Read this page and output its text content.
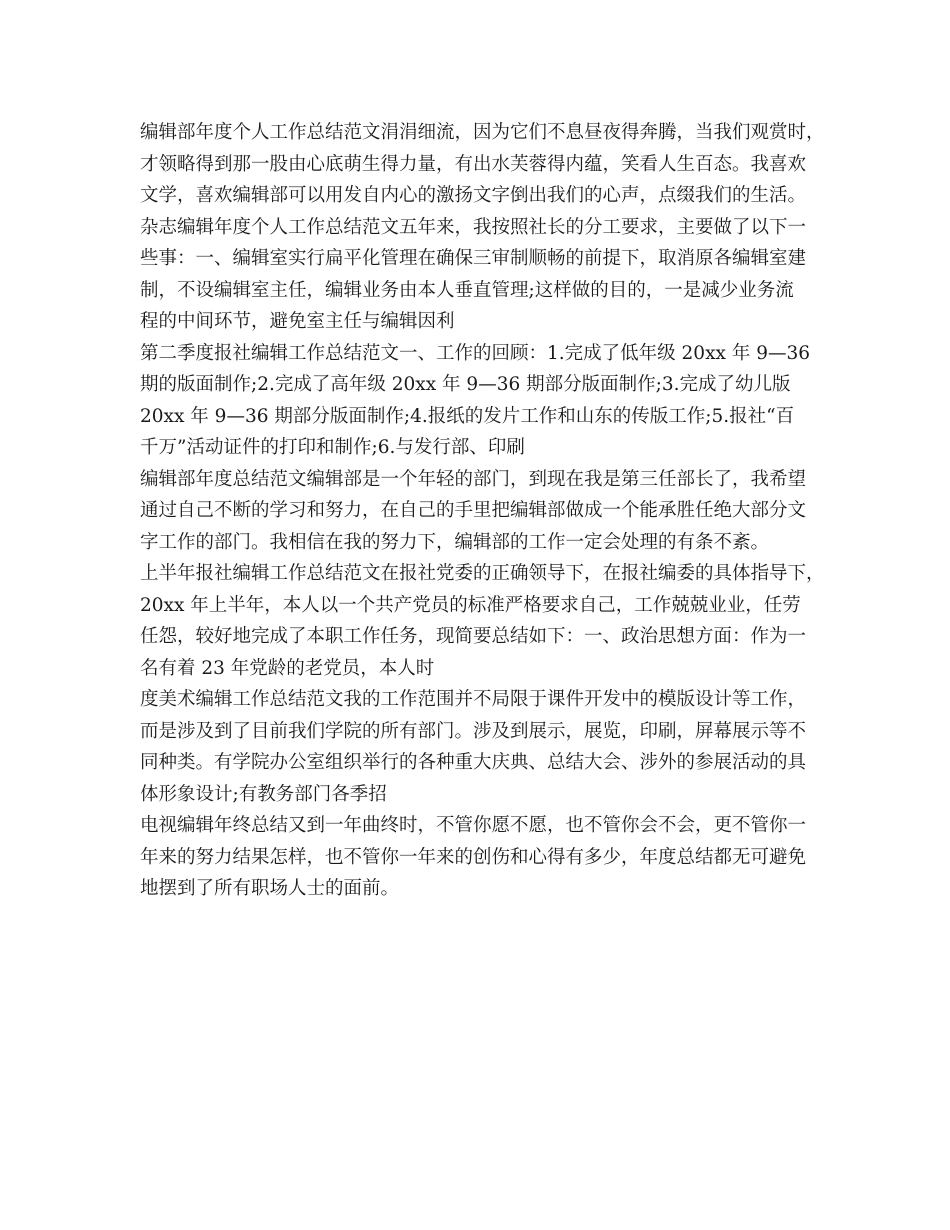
编辑部年度个人工作总结范文涓涓细流，因为它们不息昼夜得奔腾，当我们观赏时，
才领略得到那一股由心底萌生得力量，有出水芙蓉得内蕴，笑看人生百态。我喜欢
文学，喜欢编辑部可以用发自内心的激扬文字倒出我们的心声，点缀我们的生活。
杂志编辑年度个人工作总结范文五年来，我按照社长的分工要求，主要做了以下一
些事：一、编辑室实行扁平化管理在确保三审制顺畅的前提下，取消原各编辑室建
制，不设编辑室主任，编辑业务由本人垂直管理;这样做的目的，一是减少业务流
程的中间环节，避免室主任与编辑因利
第二季度报社编辑工作总结范文一、工作的回顾：1.完成了低年级 20xx 年 9—36
期的版面制作;2.完成了高年级 20xx 年 9—36 期部分版面制作;3.完成了幼儿版
20xx 年 9—36 期部分版面制作;4.报纸的发片工作和山东的传版工作;5.报社“百
千万”活动证件的打印和制作;6.与发行部、印刷
编辑部年度总结范文编辑部是一个年轻的部门，到现在我是第三任部长了，我希望
通过自己不断的学习和努力，在自己的手里把编辑部做成一个能承胜任绝大部分文
字工作的部门。我相信在我的努力下，编辑部的工作一定会处理的有条不紊。
上半年报社编辑工作总结范文在报社党委的正确领导下，在报社编委的具体指导下，
20xx 年上半年，本人以一个共产党员的标准严格要求自己，工作兢兢业业，任劳
任怨，较好地完成了本职工作任务，现简要总结如下：一、政治思想方面：作为一
名有着 23 年党龄的老党员，本人时
度美术编辑工作总结范文我的工作范围并不局限于课件开发中的模版设计等工作，
而是涉及到了目前我们学院的所有部门。涉及到展示，展览，印刷，屏幕展示等不
同种类。有学院办公室组织举行的各种重大庆典、总结大会、涉外的参展活动的具
体形象设计;有教务部门各季招
电视编辑年终总结又到一年曲终时，不管你愿不愿，也不管你会不会，更不管你一
年来的努力结果怎样，也不管你一年来的创伤和心得有多少，年度总结都无可避免
地摆到了所有职场人士的面前。
